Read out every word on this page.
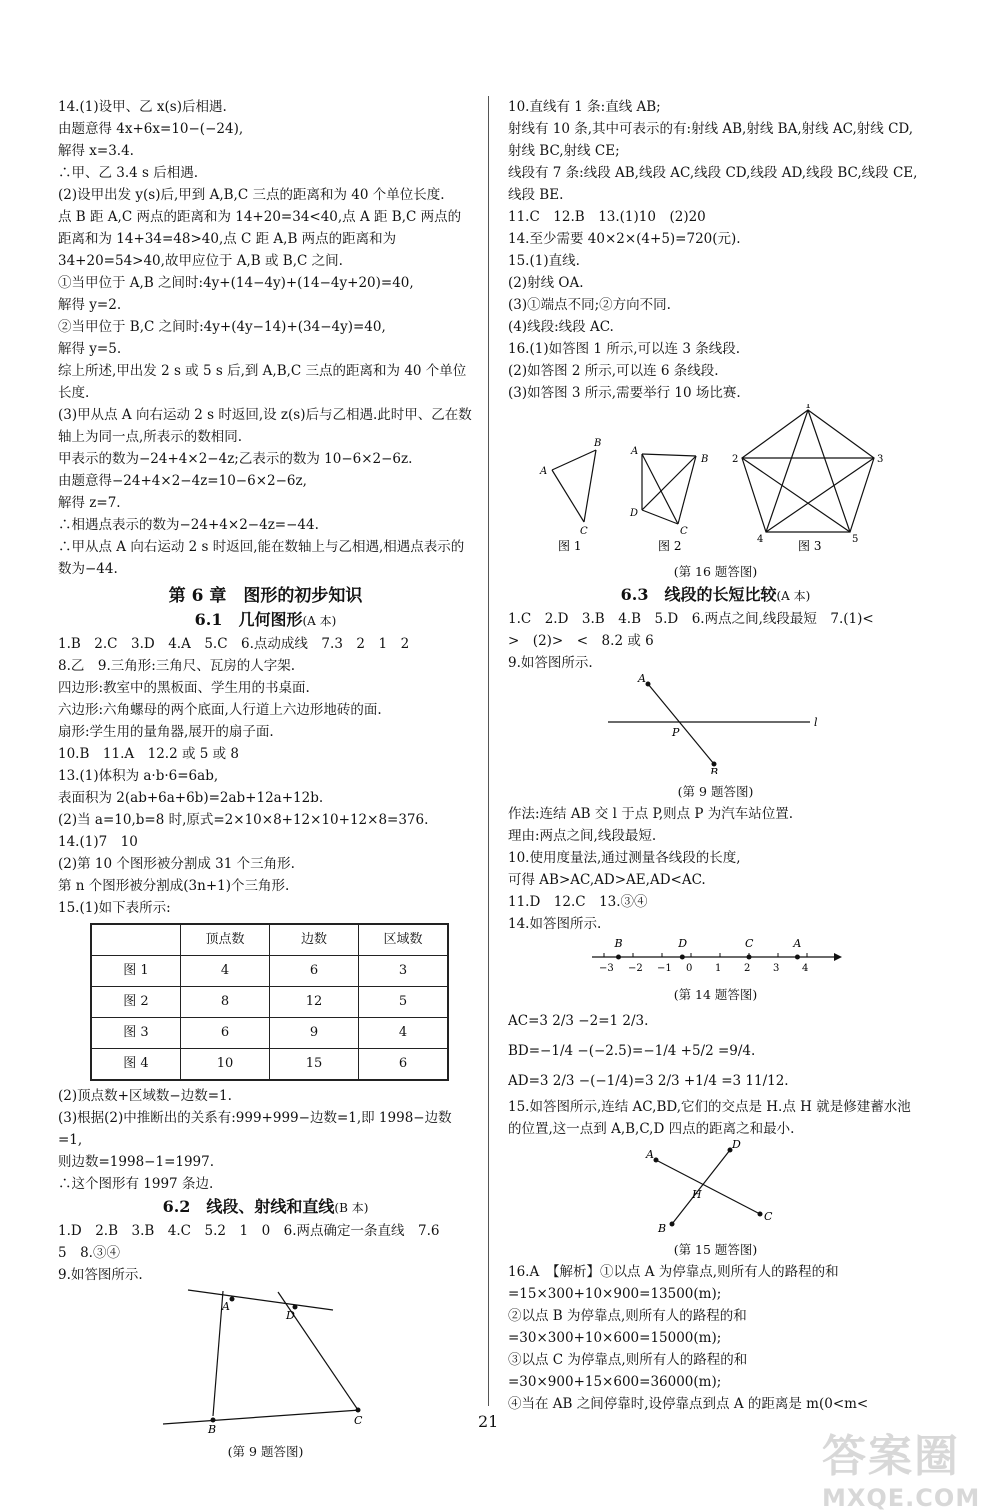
14.(1)设甲、乙 x(s)后相遇.
由题意得 4x+6x=10−(−24),
解得 x=3.4.
∴甲、乙 3.4 s 后相遇.
(2)设甲出发 y(s)后,甲到 A,B,C 三点的距离和为 40 个单位长度.
点 B 距 A,C 两点的距离和为 14+20=34<40,点 A 距 B,C 两点的距离和为 14+34=48>40,点 C 距 A,B 两点的距离和为 34+20=54>40,故甲应位于 A,B 或 B,C 之间.
①当甲位于 A,B 之间时:4y+(14−4y)+(14−4y+20)=40,
解得 y=2.
②当甲位于 B,C 之间时:4y+(4y−14)+(34−4y)=40,
解得 y=5.
综上所述,甲出发 2 s 或 5 s 后,到 A,B,C 三点的距离和为 40 个单位长度.
(3)甲从点 A 向右运动 2 s 时返回,设 z(s)后与乙相遇.此时甲、乙在数轴上为同一点,所表示的数相同.
甲表示的数为−24+4×2−4z;乙表示的数为 10−6×2−6z.
由题意得−24+4×2−4z=10−6×2−6z,
解得 z=7.
∴相遇点表示的数为−24+4×2−4z=−44.
∴甲从点 A 向右运动 2 s 时返回,能在数轴上与乙相遇,相遇点表示的数为−44.
第 6 章　图形的初步知识
6.1　几何图形(A 本)
1.B　2.C　3.D　4.A　5.C　6.点动成线　7.3　2　1　2
8.乙　9.三角形:三角尺、瓦房的人字架.
四边形:教室中的黑板面、学生用的书桌面.
六边形:六角螺母的两个底面,人行道上六边形地砖的面.
扇形:学生用的量角器,展开的扇子面.
10.B　11.A　12.2 或 5 或 8
13.(1)体积为 a·b·6=6ab,
表面积为 2(ab+6a+6b)=2ab+12a+12b.
(2)当 a=10,b=8 时,原式=2×10×8+12×10+12×8=376.
14.(1)7　10
(2)第 10 个图形被分割成 31 个三角形.
第 n 个图形被分割成(3n+1)个三角形.
15.(1)如下表所示:
	顶点数	边数	区域数
图 1	4	6	3
图 2	8	12	5
图 3	6	9	4
图 4	10	15	6
(2)顶点数+区域数−边数=1.
(3)根据(2)中推断出的关系有:999+999−边数=1,即 1998−边数=1,
则边数=1998−1=1997.
∴这个图形有 1997 条边.
6.2　线段、射线和直线(B 本)
1.D　2.B　3.B　4.C　5.2　1　0　6.两点确定一条直线　7.6
5　8.③④
9.如答图所示.
A
D
B
C
(第 9 题答图)
10.直线有 1 条:直线 AB;
射线有 10 条,其中可表示的有:射线 AB,射线 BA,射线 AC,射线 CD,射线 BC,射线 CE;
线段有 7 条:线段 AB,线段 AC,线段 CD,线段 AD,线段 BC,线段 CE,线段 BE.
11.C　12.B　13.(1)10　(2)20
14.至少需要 40×2×(4+5)=720(元).
15.(1)直线.
(2)射线 OA.
(3)①端点不同;②方向不同.
(4)线段:线段 AC.
16.(1)如答图 1 所示,可以连 3 条线段.
(2)如答图 2 所示,可以连 6 条线段.
(3)如答图 3 所示,需要举行 10 场比赛.
A
B
C
图 1
A
B
C
D
图 2
1
2	3
4	5
图 3
(第 16 题答图)
6.3　线段的长短比较(A 本)
1.C　2.D　3.B　4.B　5.D　6.两点之间,线段最短　7.(1)<
>　(2)>　<　8.2 或 6
9.如答图所示.
A
P
l
B
(第 9 题答图)
作法:连结 AB 交 l 于点 P,则点 P 为汽车站位置.
理由:两点之间,线段最短.
10.使用度量法,通过测量各线段的长度,
可得 AB>AC,AD>AE,AD<AC.
11.D　12.C　13.③④
14.如答图所示.
−3 −2 −1 0 1 2 3 4
B	D	C	A
(第 14 题答图)
AC=3 2/3 −2=1 2/3.
BD=−1/4 −(−2.5)=−1/4 +5/2 =9/4.
AD=3 2/3 −(−1/4)=3 2/3 +1/4 =3 11/12.
15.如答图所示,连结 AC,BD,它们的交点是 H.点 H 就是修建蓄水池的位置,这一点到 A,B,C,D 四点的距离之和最小.
D
A
H
C
B
(第 15 题答图)
16.A　【解析】①以点 A 为停靠点,则所有人的路程的和=15×300+10×900=13500(m);
②以点 B 为停靠点,则所有人的路程的和=30×300+10×600=15000(m);
③以点 C 为停靠点,则所有人的路程的和=30×900+15×600=36000(m);
④当在 AB 之间停靠时,设停靠点到点 A 的距离是 m(0<m<
21
答案圈
MXQE.COM
